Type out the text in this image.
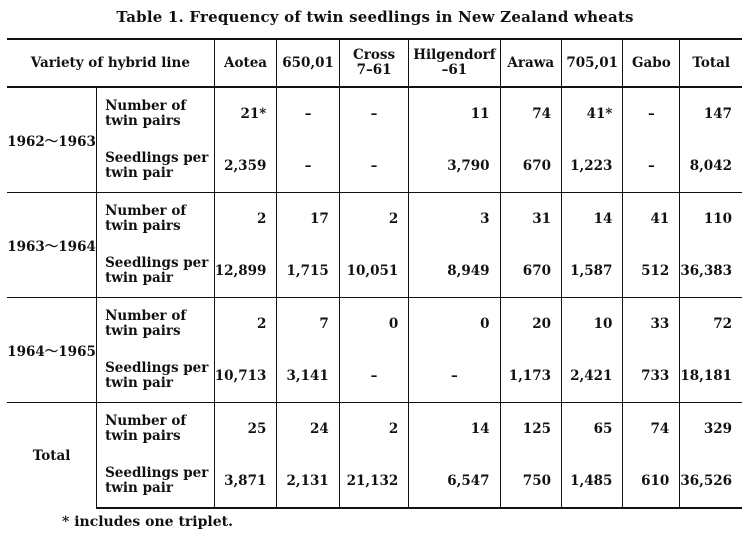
Table 1. Frequency of twin seedlings in New Zealand wheats
Variety of hybrid line		Aotea	650,01	Cross 7–61	Hilgendorf –61	Arawa	705,01	Gabo	Total
1962～1963	Number of twin pairs	21*	–	–	11	74	41*	–	147
	Seedlings per twin pair	2,359	–	–	3,790	670	1,223	–	8,042
1963～1964	Number of twin pairs	2	17	2	3	31	14	41	110
	Seedlings per twin pair	12,899	1,715	10,051	8,949	670	1,587	512	36,383
1964～1965	Number of twin pairs	2	7	0	0	20	10	33	72
	Seedlings per twin pair	10,713	3,141	–	–	1,173	2,421	733	18,181
Total	Number of twin pairs	25	24	2	14	125	65	74	329
	Seedlings per twin pair	3,871	2,131	21,132	6,547	750	1,485	610	36,526
* includes one triplet.
